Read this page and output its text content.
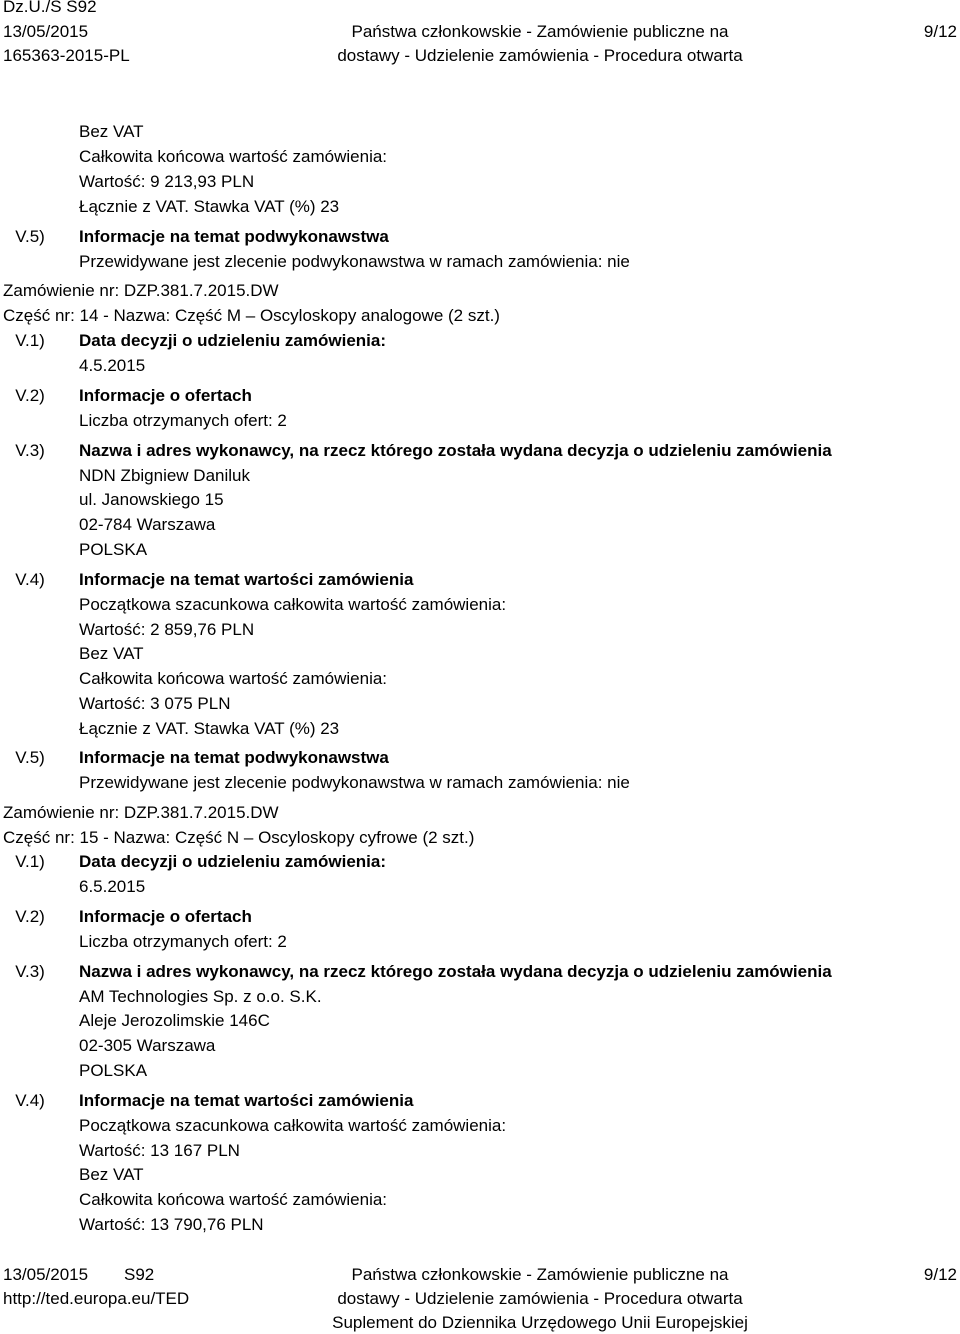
Dz.U./S S92
13/05/2015
165363-2015-PL
Państwa członkowskie - Zamówienie publiczne na
dostawy - Udzielenie zamówienia - Procedura otwarta
9/12
Bez VAT
Całkowita końcowa wartość zamówienia:
Wartość: 9 213,93 PLN
Łącznie z VAT. Stawka VAT (%) 23
V.5)	Informacje na temat podwykonawstwa
Przewidywane jest zlecenie podwykonawstwa w ramach zamówienia: nie
Zamówienie nr: DZP.381.7.2015.DW
Część nr: 14 - Nazwa: Część M – Oscyloskopy analogowe (2 szt.)
V.1)	Data decyzji o udzieleniu zamówienia:
4.5.2015
V.2)	Informacje o ofertach
Liczba otrzymanych ofert: 2
V.3)	Nazwa i adres wykonawcy, na rzecz którego została wydana decyzja o udzieleniu zamówienia
NDN Zbigniew Daniluk
ul. Janowskiego 15
02-784 Warszawa
POLSKA
V.4)	Informacje na temat wartości zamówienia
Początkowa szacunkowa całkowita wartość zamówienia:
Wartość: 2 859,76 PLN
Bez VAT
Całkowita końcowa wartość zamówienia:
Wartość: 3 075 PLN
Łącznie z VAT. Stawka VAT (%) 23
V.5)	Informacje na temat podwykonawstwa
Przewidywane jest zlecenie podwykonawstwa w ramach zamówienia: nie
Zamówienie nr: DZP.381.7.2015.DW
Część nr: 15 - Nazwa: Część N – Oscyloskopy cyfrowe (2 szt.)
V.1)	Data decyzji o udzieleniu zamówienia:
6.5.2015
V.2)	Informacje o ofertach
Liczba otrzymanych ofert: 2
V.3)	Nazwa i adres wykonawcy, na rzecz którego została wydana decyzja o udzieleniu zamówienia
AM Technologies Sp. z o.o. S.K.
Aleje Jerozolimskie 146C
02-305 Warszawa
POLSKA
V.4)	Informacje na temat wartości zamówienia
Początkowa szacunkowa całkowita wartość zamówienia:
Wartość: 13 167 PLN
Bez VAT
Całkowita końcowa wartość zamówienia:
Wartość: 13 790,76 PLN
13/05/2015 S92
http://ted.europa.eu/TED
Państwa członkowskie - Zamówienie publiczne na
dostawy - Udzielenie zamówienia - Procedura otwarta
Suplement do Dziennika Urzędowego Unii Europejskiej
9/12
